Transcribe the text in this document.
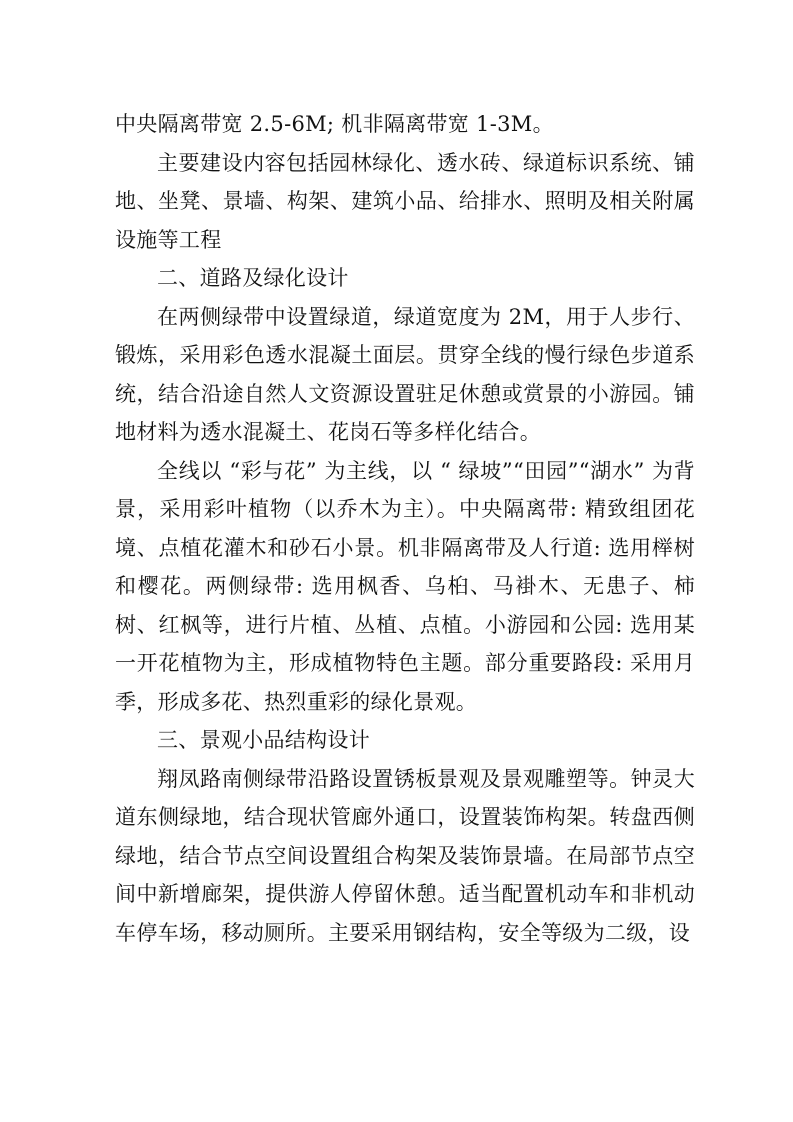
中央隔离带宽 2.5-6M; 机非隔离带宽 1-3M。

主要建设内容包括园林绿化、透水砖、绿道标识系统、铺地、坐凳、景墙、构架、建筑小品、给排水、照明及相关附属设施等工程

二、道路及绿化设计

在两侧绿带中设置绿道，绿道宽度为 2M，用于人步行、锻炼，采用彩色透水混凝土面层。贯穿全线的慢行绿色步道系统，结合沿途自然人文资源设置驻足休憩或赏景的小游园。铺地材料为透水混凝土、花岗石等多样化结合。

全线以 “彩与花” 为主线，以 “ 绿坡”“田园”“湖水” 为背景，采用彩叶植物（以乔木为主）。中央隔离带: 精致组团花境、点植花灌木和砂石小景。机非隔离带及人行道: 选用榉树和樱花。两侧绿带: 选用枫香、乌桕、马褂木、无患子、柿树、红枫等，进行片植、丛植、点植。小游园和公园: 选用某一开花植物为主，形成植物特色主题。部分重要路段: 采用月季，形成多花、热烈重彩的绿化景观。

三、景观小品结构设计

翔凤路南侧绿带沿路设置锈板景观及景观雕塑等。钟灵大道东侧绿地，结合现状管廊外通口，设置装饰构架。转盘西侧绿地，结合节点空间设置组合构架及装饰景墙。在局部节点空间中新增廊架，提供游人停留休憩。适当配置机动车和非机动车停车场，移动厕所。主要采用钢结构，安全等级为二级，设
